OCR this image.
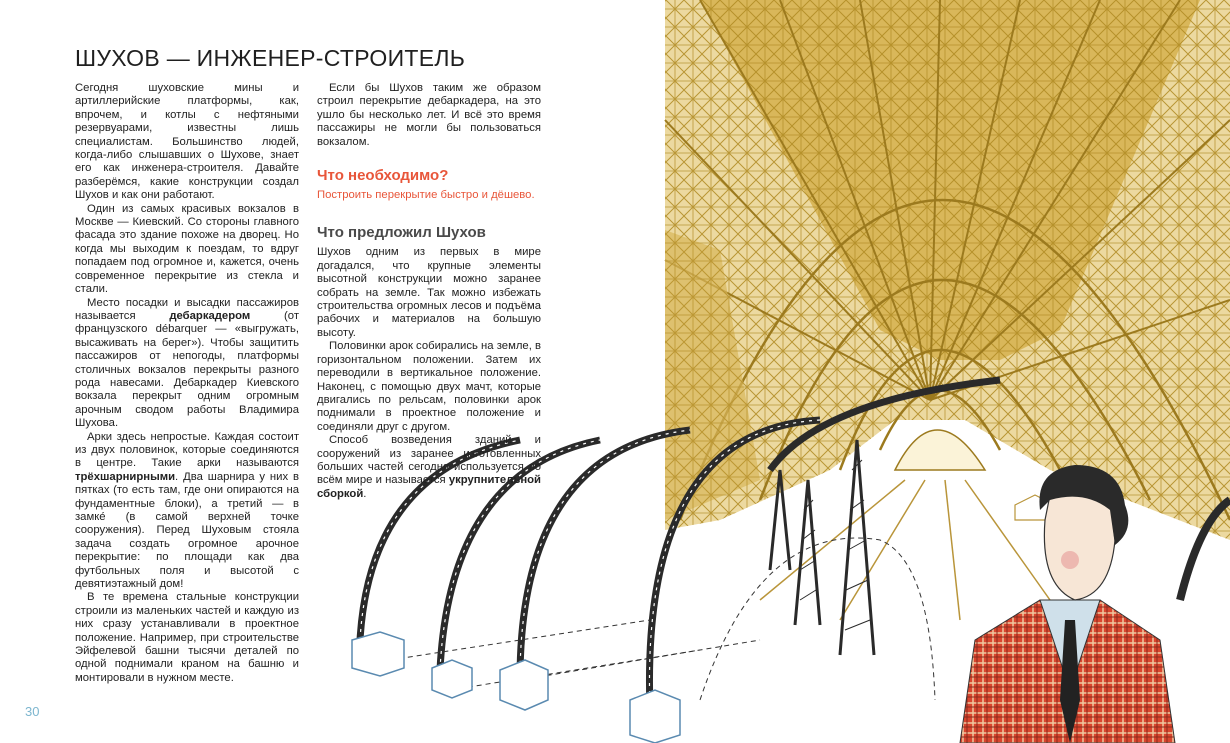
ШУХОВ — ИНЖЕНЕР-СТРОИТЕЛЬ

Сегодня шуховские мины и артиллерийские платформы, как, впрочем, и котлы с нефтяными резервуарами, известны лишь специалистам. Большинство людей, когда-либо слышавших о Шухове, знает его как инженера-строителя. Давайте разберёмся, какие конструкции создал Шухов и как они работают.

Один из самых красивых вокзалов в Москве — Киевский. Со стороны главного фасада это здание похоже на дворец. Но когда мы выходим к поездам, то вдруг попадаем под огромное и, кажется, очень современное перекрытие из стекла и стали.

Место посадки и высадки пассажиров называется дебаркадером (от французского débarquer — «выгружать, высаживать на берег»). Чтобы защитить пассажиров от непогоды, платформы столичных вокзалов перекрыты разного рода навесами. Дебаркадер Киевского вокзала перекрыт одним огромным арочным сводом работы Владимира Шухова.

Арки здесь непростые. Каждая состоит из двух половинок, которые соединяются в центре. Такие арки называются трёхшарнирными. Два шарнира у них в пятках (то есть там, где они опираются на фундаментные блоки), а третий — в замке́ (в самой верхней точке сооружения). Перед Шуховым стояла задача создать огромное арочное перекрытие: по площади как два футбольных поля и высотой с девятиэтажный дом!

В те времена стальные конструкции строили из маленьких частей и каждую из них сразу устанавливали в проектное положение. Например, при строительстве Эйфелевой башни тысячи деталей по одной поднимали краном на башню и монтировали в нужном месте.

Если бы Шухов таким же образом строил перекрытие дебаркадера, на это ушло бы несколько лет. И всё это время пассажиры не могли бы пользоваться вокзалом.

Что необходимо?
Построить перекрытие быстро и дёшево.
Что предложил Шухов

Шухов одним из первых в мире догадался, что крупные элементы высотной конструкции можно заранее собрать на земле. Так можно избежать строительства огромных лесов и подъёма рабочих и материалов на большую высоту.

Половинки арок собирались на земле, в горизонтальном положении. Затем их переводили в вертикальное положение. Наконец, с помощью двух мачт, которые двигались по рельсам, половинки арок поднимали в проектное положение и соединяли друг с другом.

Способ возведения зданий и сооружений из заранее изготовленных больших частей сегодня используется во всём мире и называется укрупнительной сборкой.

30
